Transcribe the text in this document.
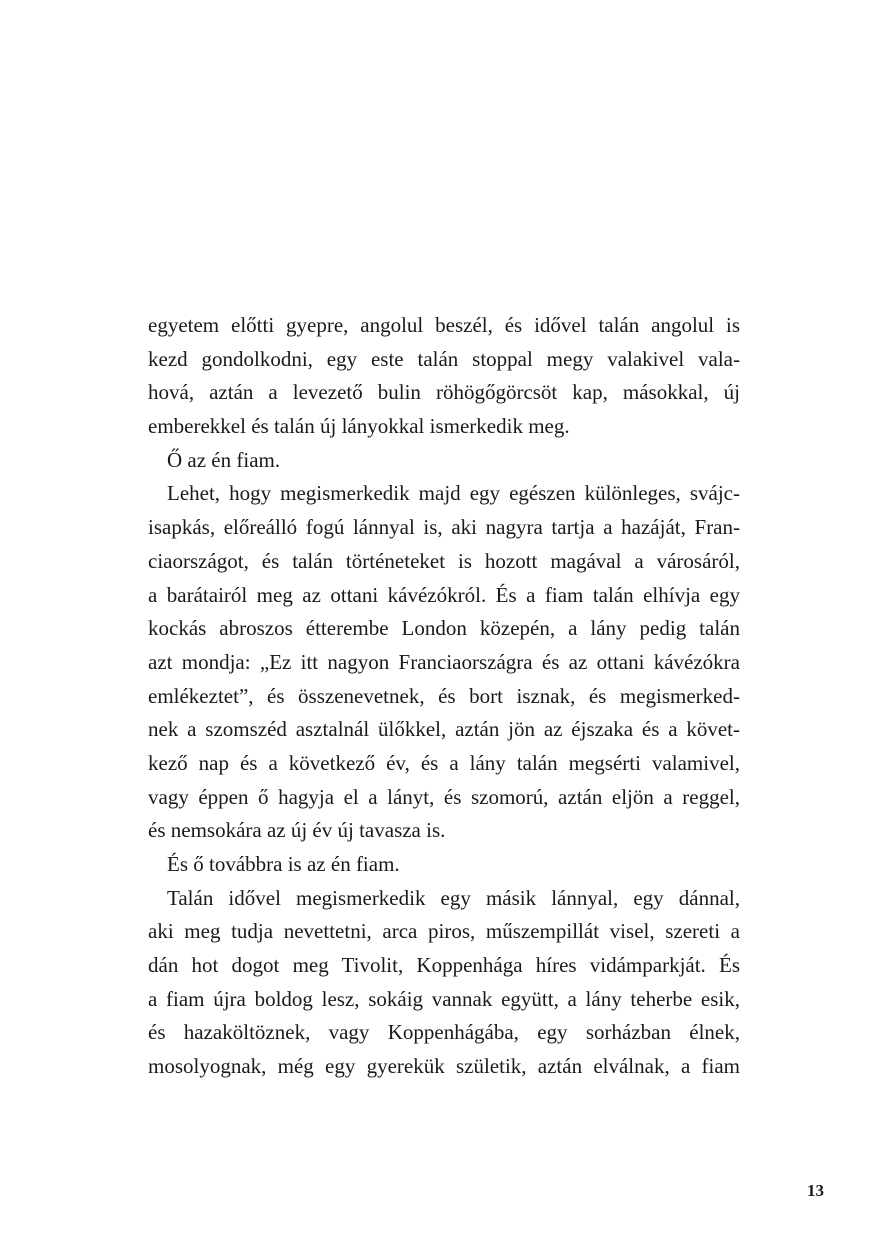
egyetem előtti gyepre, angolul beszél, és idővel talán angolul is
kezd gondolkodni, egy este talán stoppal megy valakivel vala-
hová, aztán a levezető bulin röhögőgörcsöt kap, másokkal, új
emberekkel és talán új lányokkal ismerkedik meg.
Ő az én fiam.
Lehet, hogy megismerkedik majd egy egészen különleges, svájc-
isapkás, előreálló fogú lánnyal is, aki nagyra tartja a hazáját, Fran-
ciaországot, és talán történeteket is hozott magával a városáról,
a barátairól meg az ottani kávézókról. És a fiam talán elhívja egy
kockás abroszos étterembe London közepén, a lány pedig talán
azt mondja: „Ez itt nagyon Franciaországra és az ottani kávézókra
emlékeztet”, és összenevetnek, és bort isznak, és megismerked-
nek a szomszéd asztalnál ülőkkel, aztán jön az éjszaka és a követ-
kező nap és a következő év, és a lány talán megsérti valamivel,
vagy éppen ő hagyja el a lányt, és szomorú, aztán eljön a reggel,
és nemsokára az új év új tavasza is.
És ő továbbra is az én fiam.
Talán idővel megismerkedik egy másik lánnyal, egy dánnal,
aki meg tudja nevettetni, arca piros, műszempillát visel, szereti a
dán hot dogot meg Tivolit, Koppenhága híres vidámparkját. És
a fiam újra boldog lesz, sokáig vannak együtt, a lány teherbe esik,
és hazaköltöznek, vagy Koppenhágába, egy sorházban élnek,
mosolyognak, még egy gyerekük születik, aztán elválnak, a fiam
13
